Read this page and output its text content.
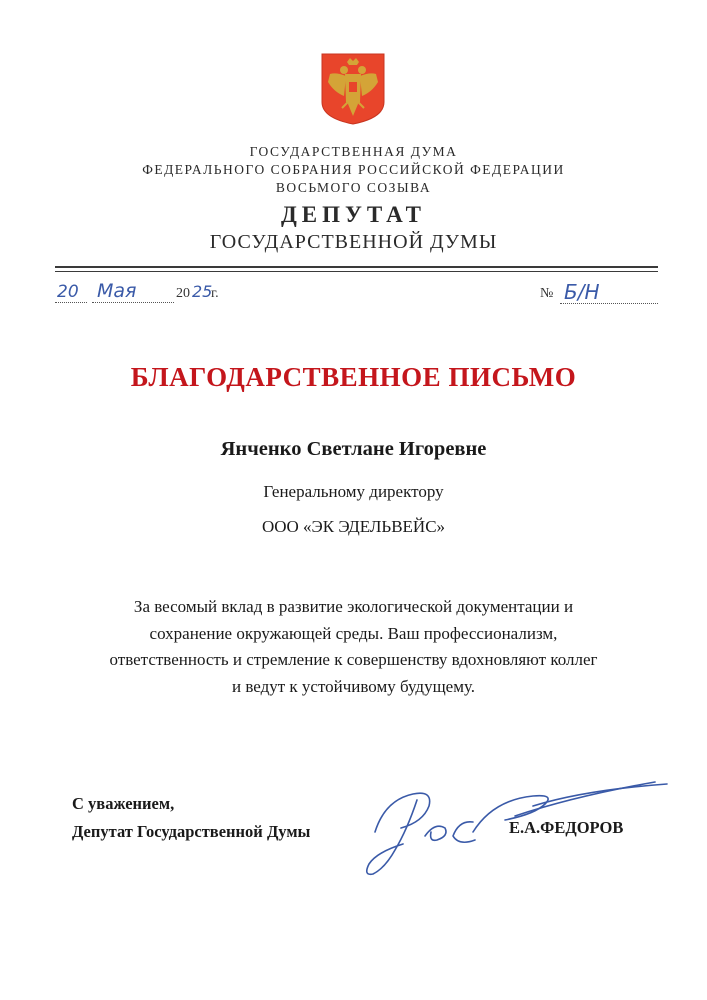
ГОСУДАРСТВЕННАЯ ДУМА
ФЕДЕРАЛЬНОГО СОБРАНИЯ РОССИЙСКОЙ ФЕДЕРАЦИИ
ВОСЬМОГО СОЗЫВА
ДЕПУТАТ
ГОСУДАРСТВЕННОЙ ДУМЫ
20 Мая	20 25
г.	№ Б/Н
БЛАГОДАРСТВЕННОЕ ПИСЬМО
Янченко Светлане Игоревне
Генеральному директору
ООО «ЭК ЭДЕЛЬВЕЙС»
За весомый вклад в развитие экологической документации и
сохранение окружающей среды. Ваш профессионализм,
ответственность и стремление к совершенству вдохновляют коллег
и ведут к устойчивому будущему.
С уважением,
Депутат Государственной Думы	Е.А.ФЕДОРОВ
